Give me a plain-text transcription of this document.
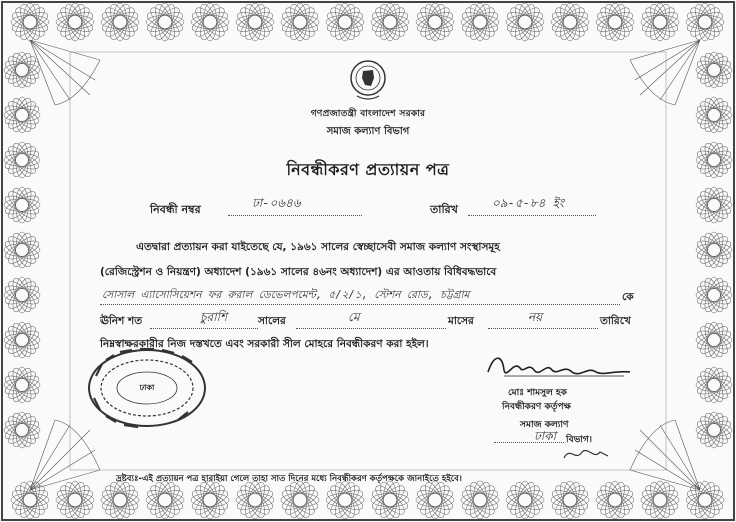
গণপ্রজাতন্ত্রী বাংলাদেশ সরকার
সমাজ কল্যাণ বিভাগ
নিবন্ধীকরণ প্রত্যায়ন পত্র
নিবন্ধী নম্বর	ঢা-০৬৪৬	তারিখ	০৯-৫-৮৪ ইং
এতদ্বারা প্রত্যায়ন করা যাইতেছে যে, ১৯৬১ সালের স্বেচ্ছাসেবী সমাজ কল্যাণ সংস্থাসমূহ
(রেজিস্ট্রেশন ও নিয়ন্ত্রণ) অধ্যাদেশ (১৯৬১ সালের ৪৬নং অধ্যাদেশ) এর আওতায় বিধিবদ্ধভাবে
সোসাল এ্যাসোসিয়েশন ফর রুরাল ডেভেলপমেন্ট, ৫/২/১, স্টেশন রোড, চট্টগ্রাম	কে
ঊনিশ শত	চুরাশি	সালের	মে	মাসের	নয়	তারিখে
নিম্নস্বাক্ষরকারীর নিজ দস্তখতে এবং সরকারী সীল মোহরে নিবন্ধীকরণ করা হইল।
ঢাকা
মোঃ শামসুল হক
নিবন্ধীকরণ কর্তৃপক্ষ
সমাজ কল্যাণ
ঢাকা বিভাগ।
দ্রষ্টব্যঃ-এই প্রত্যায়ন পত্র হারাইয়া গেলে তাহা সাত দিনের মধ্যে নিবন্ধীকরণ কর্তৃপক্ষকে জানাইতে হইবে।
